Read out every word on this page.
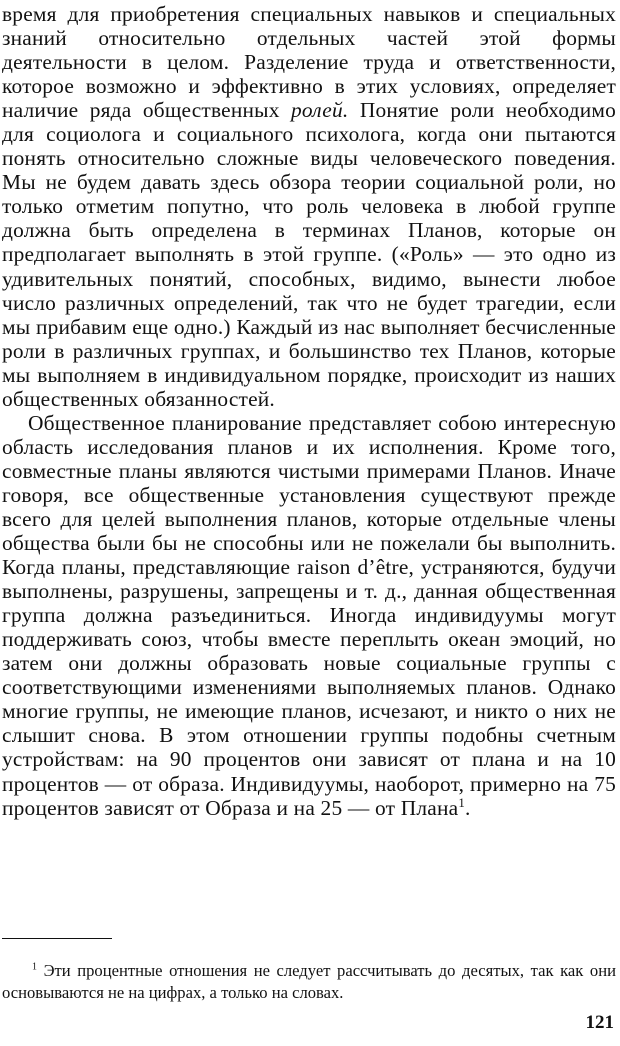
время для приобретения специальных навыков и специальных знаний относительно отдельных частей этой формы деятельности в целом. Разделение труда и ответственности, которое возможно и эффективно в этих условиях, определяет наличие ряда общественных ролей. Понятие роли необходимо для социолога и социального психолога, когда они пытаются понять относительно сложные виды человеческого поведения. Мы не будем давать здесь обзора теории социальной роли, но только отметим попутно, что роль человека в любой группе должна быть определена в терминах Планов, которые он предполагает выполнять в этой группе. («Роль» — это одно из удивительных понятий, способных, видимо, вынести любое число различных определений, так что не будет трагедии, если мы прибавим еще одно.) Каждый из нас выполняет бесчисленные роли в различных группах, и большинство тех Планов, которые мы выполняем в индивидуальном порядке, происходит из наших общественных обязанностей.

Общественное планирование представляет собою интересную область исследования планов и их исполнения. Кроме того, совместные планы являются чистыми примерами Планов. Иначе говоря, все общественные установления существуют прежде всего для целей выполнения планов, которые отдельные члены общества были бы не способны или не пожелали бы выполнить. Когда планы, представляющие raison d’être, устраняются, будучи выполнены, разрушены, запрещены и т. д., данная общественная группа должна разъединиться. Иногда индивидуумы могут поддерживать союз, чтобы вместе переплыть океан эмоций, но затем они должны образовать новые социальные группы с соответствующими изменениями выполняемых планов. Однако многие группы, не имеющие планов, исчезают, и никто о них не слышит снова. В этом отношении группы подобны счетным устройствам: на 90 процентов они зависят от плана и на 10 процентов — от образа. Индивидуумы, наоборот, примерно на 75 процентов зависят от Образа и на 25 — от Плана$^1$.

$^1$ Эти процентные отношения не следует рассчитывать до десятых, так как они основываются не на цифрах, а только на словах.

121
